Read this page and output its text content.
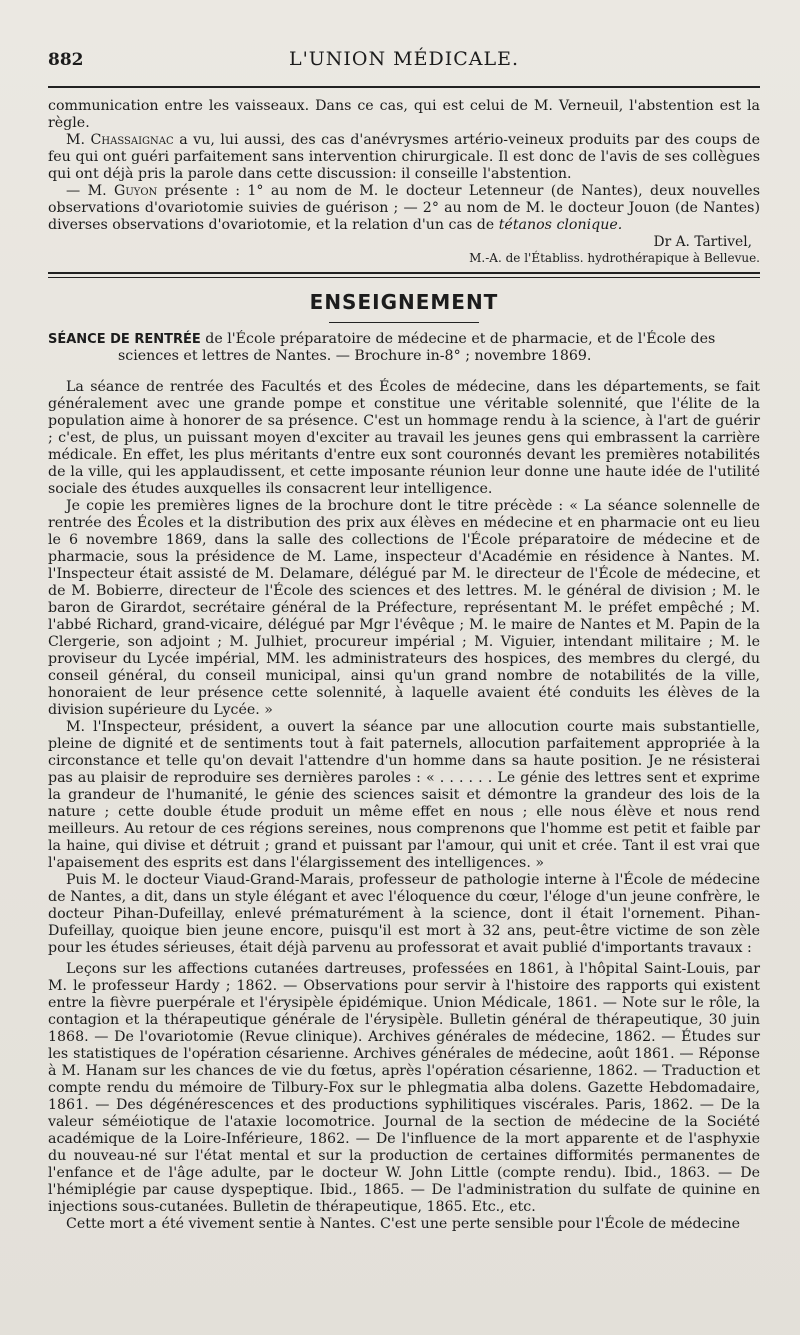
882	L'UNION MÉDICALE.

communication entre les vaisseaux. Dans ce cas, qui est celui de M. Verneuil, l'abstention est la règle.

M. Chassaignac a vu, lui aussi, des cas d'anévrysmes artério-veineux produits par des coups de feu qui ont guéri parfaitement sans intervention chirurgicale. Il est donc de l'avis de ses collègues qui ont déjà pris la parole dans cette discussion: il conseille l'abstention.

— M. Guyon présente : 1° au nom de M. le docteur Letenneur (de Nantes), deux nouvelles observations d'ovariotomie suivies de guérison ; — 2° au nom de M. le docteur Jouon (de Nantes) diverses observations d'ovariotomie, et la relation d'un cas de tétanos clonique.

Dr A. Tartivel,
M.-A. de l'Établiss. hydrothérapique à Bellevue.
ENSEIGNEMENT
SÉANCE DE RENTRÉE de l'École préparatoire de médecine et de pharmacie, et de l'École des
sciences et lettres de Nantes. — Brochure in-8° ; novembre 1869.

La séance de rentrée des Facultés et des Écoles de médecine, dans les départements, se fait généralement avec une grande pompe et constitue une véritable solennité, que l'élite de la population aime à honorer de sa présence. C'est un hommage rendu à la science, à l'art de guérir ; c'est, de plus, un puissant moyen d'exciter au travail les jeunes gens qui embrassent la carrière médicale. En effet, les plus méritants d'entre eux sont couronnés devant les premières notabilités de la ville, qui les applaudissent, et cette imposante réunion leur donne une haute idée de l'utilité sociale des études auxquelles ils consacrent leur intelligence.

Je copie les premières lignes de la brochure dont le titre précède : « La séance solennelle de rentrée des Écoles et la distribution des prix aux élèves en médecine et en pharmacie ont eu lieu le 6 novembre 1869, dans la salle des collections de l'École préparatoire de médecine et de pharmacie, sous la présidence de M. Lame, inspecteur d'Académie en résidence à Nantes. M. l'Inspecteur était assisté de M. Delamare, délégué par M. le directeur de l'École de médecine, et de M. Bobierre, directeur de l'École des sciences et des lettres. M. le général de division ; M. le baron de Girardot, secrétaire général de la Préfecture, représentant M. le préfet empêché ; M. l'abbé Richard, grand-vicaire, délégué par Mgr l'évêque ; M. le maire de Nantes et M. Papin de la Clergerie, son adjoint ; M. Julhiet, procureur impérial ; M. Viguier, intendant militaire ; M. le proviseur du Lycée impérial, MM. les administrateurs des hospices, des membres du clergé, du conseil général, du conseil municipal, ainsi qu'un grand nombre de notabilités de la ville, honoraient de leur présence cette solennité, à laquelle avaient été conduits les élèves de la division supérieure du Lycée. »

M. l'Inspecteur, président, a ouvert la séance par une allocution courte mais substantielle, pleine de dignité et de sentiments tout à fait paternels, allocution parfaitement appropriée à la circonstance et telle qu'on devait l'attendre d'un homme dans sa haute position. Je ne résisterai pas au plaisir de reproduire ses dernières paroles : « . . . . . . Le génie des lettres sent et exprime la grandeur de l'humanité, le génie des sciences saisit et démontre la grandeur des lois de la nature ; cette double étude produit un même effet en nous ; elle nous élève et nous rend meilleurs. Au retour de ces régions sereines, nous comprenons que l'homme est petit et faible par la haine, qui divise et détruit ; grand et puissant par l'amour, qui unit et crée. Tant il est vrai que l'apaisement des esprits est dans l'élargissement des intelligences. »

Puis M. le docteur Viaud-Grand-Marais, professeur de pathologie interne à l'École de médecine de Nantes, a dit, dans un style élégant et avec l'éloquence du cœur, l'éloge d'un jeune confrère, le docteur Pihan-Dufeillay, enlevé prématurément à la science, dont il était l'ornement. Pihan-Dufeillay, quoique bien jeune encore, puisqu'il est mort à 32 ans, peut-être victime de son zèle pour les études sérieuses, était déjà parvenu au professorat et avait publié d'importants travaux :

Leçons sur les affections cutanées dartreuses, professées en 1861, à l'hôpital Saint-Louis, par M. le professeur Hardy ; 1862. — Observations pour servir à l'histoire des rapports qui existent entre la fièvre puerpérale et l'érysipèle épidémique. Union Médicale, 1861. — Note sur le rôle, la contagion et la thérapeutique générale de l'érysipèle. Bulletin général de thérapeutique, 30 juin 1868. — De l'ovariotomie (Revue clinique). Archives générales de médecine, 1862. — Études sur les statistiques de l'opération césarienne. Archives générales de médecine, août 1861. — Réponse à M. Hanam sur les chances de vie du fœtus, après l'opération césarienne, 1862. — Traduction et compte rendu du mémoire de Tilbury-Fox sur le phlegmatia alba dolens. Gazette Hebdomadaire, 1861. — Des dégénérescences et des productions syphilitiques viscérales. Paris, 1862. — De la valeur séméiotique de l'ataxie locomotrice. Journal de la section de médecine de la Société académique de la Loire-Inférieure, 1862. — De l'influence de la mort apparente et de l'asphyxie du nouveau-né sur l'état mental et sur la production de certaines difformités permanentes de l'enfance et de l'âge adulte, par le docteur W. John Little (compte rendu). Ibid., 1863. — De l'hémiplégie par cause dyspeptique. Ibid., 1865. — De l'administration du sulfate de quinine en injections sous-cutanées. Bulletin de thérapeutique, 1865. Etc., etc.

Cette mort a été vivement sentie à Nantes. C'est une perte sensible pour l'École de médecine
